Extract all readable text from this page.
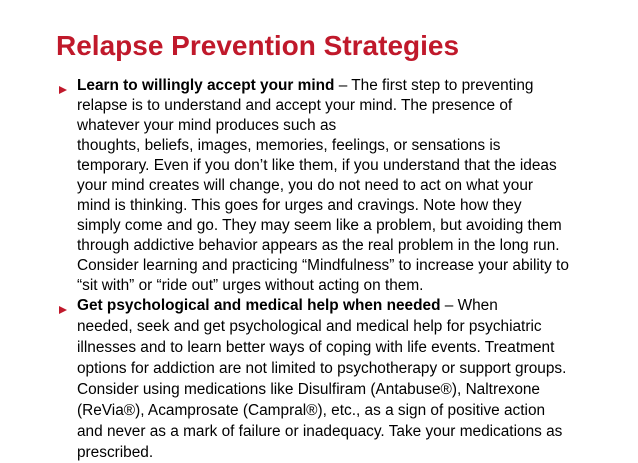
Relapse Prevention Strategies
Learn to willingly accept your mind – The first step to preventing
relapse is to understand and accept your mind. The presence of
whatever your mind produces such as
thoughts, beliefs, images, memories, feelings, or sensations is
temporary. Even if you don’t like them, if you understand that the ideas
your mind creates will change, you do not need to act on what your
mind is thinking. This goes for urges and cravings. Note how they
simply come and go. They may seem like a problem, but avoiding them
through addictive behavior appears as the real problem in the long run.
Consider learning and practicing “Mindfulness” to increase your ability to
“sit with” or “ride out” urges without acting on them.
Get psychological and medical help when needed – When
needed, seek and get psychological and medical help for psychiatric
illnesses and to learn better ways of coping with life events. Treatment
options for addiction are not limited to psychotherapy or support groups.
Consider using medications like Disulfiram (Antabuse®), Naltrexone
(ReVia®), Acamprosate (Campral®), etc., as a sign of positive action
and never as a mark of failure or inadequacy. Take your medications as
prescribed.
